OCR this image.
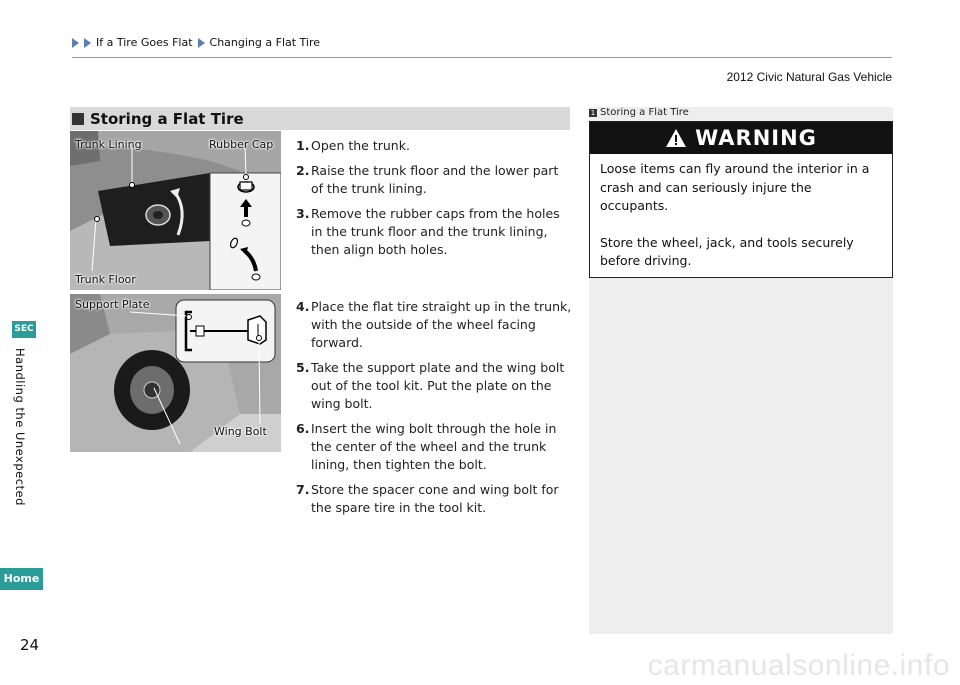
If a Tire Goes Flat Changing a Flat Tire
2012 Civic Natural Gas Vehicle
Storing a Flat Tire
Trunk Lining	Rubber Cap
Trunk Floor
Support Plate
Wing Bolt
1. Open the trunk.
2. Raise the trunk floor and the lower part of the trunk lining.
3. Remove the rubber caps from the holes in the trunk floor and the trunk lining, then align both holes.
4. Place the flat tire straight up in the trunk, with the outside of the wheel facing forward.
5. Take the support plate and the wing bolt out of the tool kit. Put the plate on the wing bolt.
6. Insert the wing bolt through the hole in the center of the wheel and the trunk lining, then tighten the bolt.
7. Store the spacer cone and wing bolt for the spare tire in the tool kit.
1 Storing a Flat Tire
WARNING

Loose items can fly around the interior in a crash and can seriously injure the occupants.

Store the wheel, jack, and tools securely before driving.

SEC
Handling the Unexpected
Home
24
carmanualsonline.info
